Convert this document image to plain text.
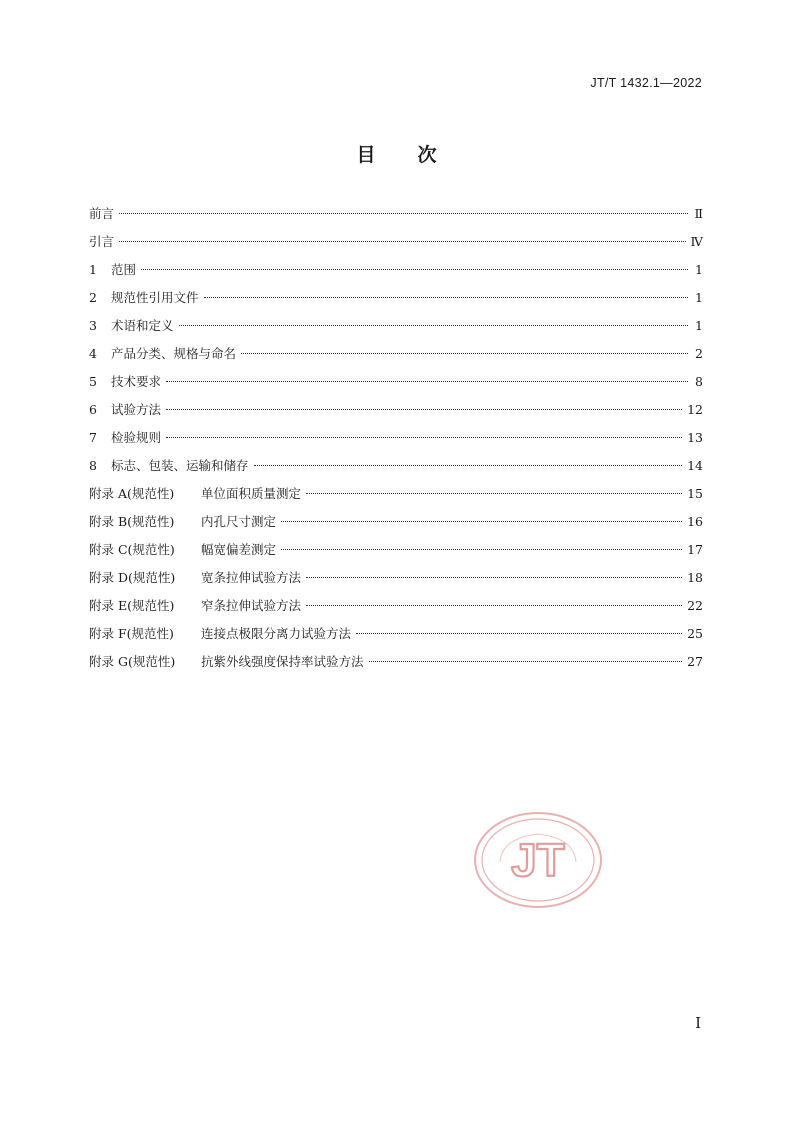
JT/T 1432.1—2022
目 次
前言	Ⅱ
引言	Ⅳ
1	范围	1
2	规范性引用文件	1
3	术语和定义	1
4	产品分类、规格与命名	2
5	技术要求	8
6	试验方法	12
7	检验规则	13
8	标志、包装、运输和储存	14
附录 A(规范性)	单位面积质量测定	15
附录 B(规范性)	内孔尺寸测定	16
附录 C(规范性)	幅宽偏差测定	17
附录 D(规范性)	宽条拉伸试验方法	18
附录 E(规范性)	窄条拉伸试验方法	22
附录 F(规范性)	连接点极限分离力试验方法	25
附录 G(规范性)	抗紫外线强度保持率试验方法	27
JT
I
